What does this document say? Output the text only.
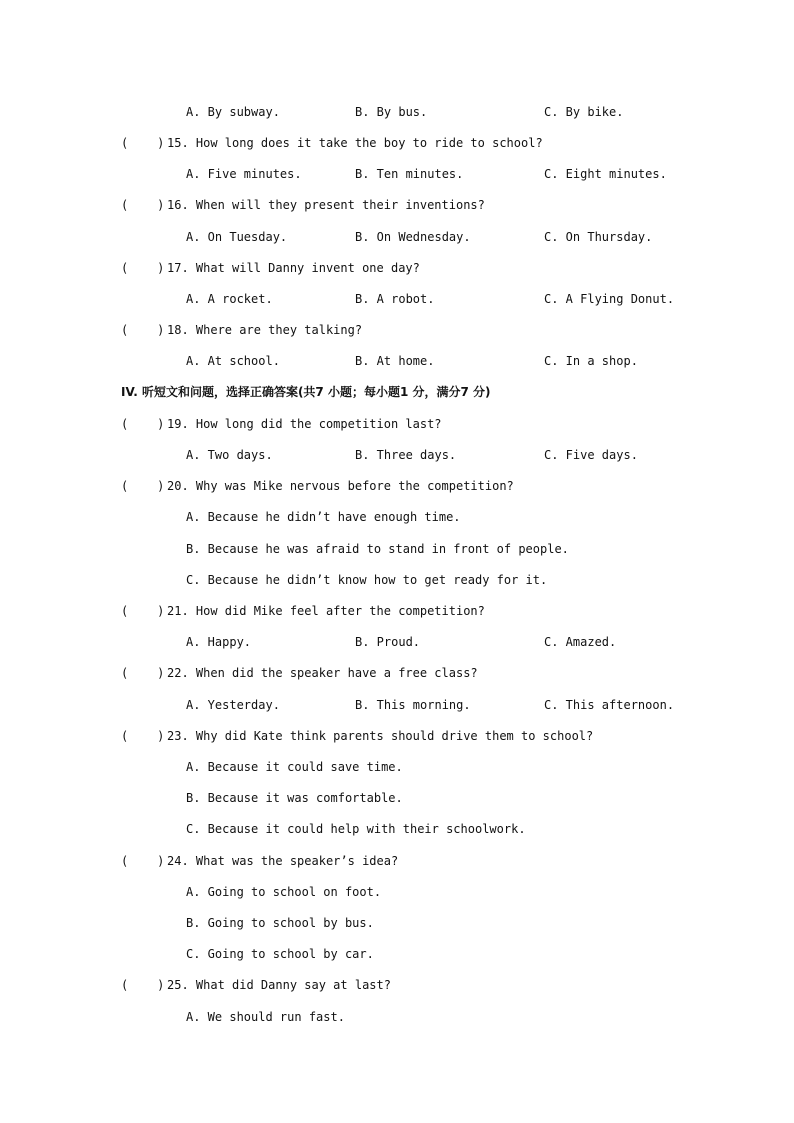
A. By subway.	B. By bus.	C. By bike.

(    )

15. How long does it take the boy to ride to school?

A. Five minutes.	B. Ten minutes.	C. Eight minutes.

(    )

16. When will they present their inventions?

A. On Tuesday.	B. On Wednesday.	C. On Thursday.

(    )

17. What will Danny invent one day?

A. A rocket.	B. A robot.	C. A Flying Donut.

(    )

18. Where are they talking?

A. At school.	B. At home.	C. In a shop.
IV. 听短文和问题，选择正确答案(共7 小题；每小题1 分，满分7 分)

(    )

19. How long did the competition last?

A. Two days.	B. Three days.	C. Five days.

(    )

20. Why was Mike nervous before the competition?

A. Because he didn’t have enough time.
B. Because he was afraid to stand in front of people.
C. Because he didn’t know how to get ready for it.

(    )

21. How did Mike feel after the competition?

A. Happy.	B. Proud.	C. Amazed.

(    )

22. When did the speaker have a free class?

A. Yesterday.	B. This morning.	C. This afternoon.

(    )

23. Why did Kate think parents should drive them to school?

A. Because it could save time.
B. Because it was comfortable.
C. Because it could help with their schoolwork.

(    )

24. What was the speaker’s idea?

A. Going to school on foot.
B. Going to school by bus.
C. Going to school by car.

(    )

25. What did Danny say at last?

A. We should run fast.
